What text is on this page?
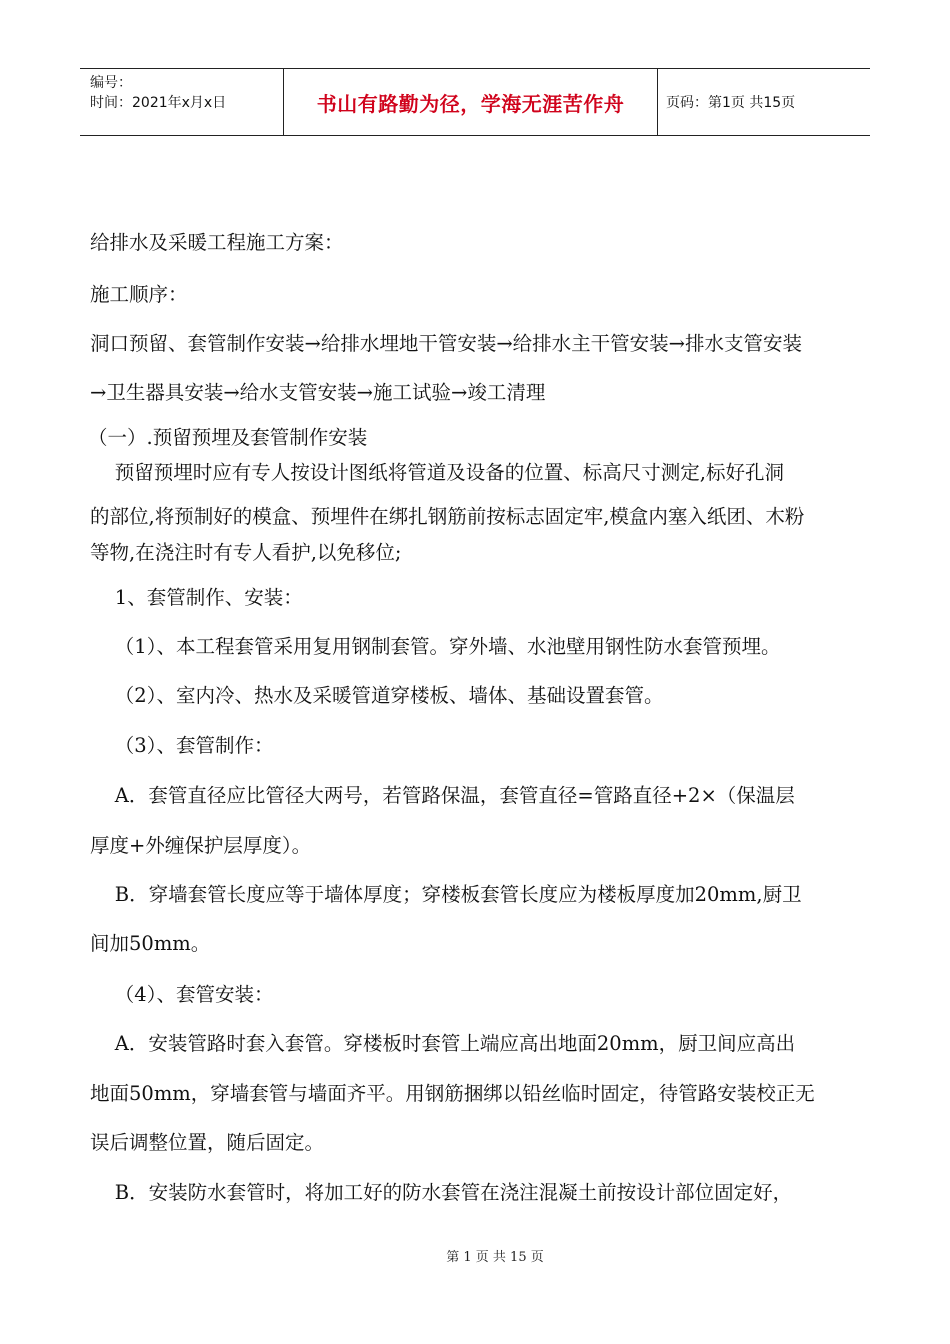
编号：
时间：2021年x月x日	书山有路勤为径，学海无涯苦作舟	页码：第1页 共15页
给排水及采暖工程施工方案：
施工顺序：
洞口预留、套管制作安装→给排水埋地干管安装→给排水主干管安装→排水支管安装
→卫生器具安装→给水支管安装→施工试验→竣工清理
（一）.预留预埋及套管制作安装
预留预埋时应有专人按设计图纸将管道及设备的位置、标高尺寸测定,标好孔洞
的部位,将预制好的模盒、预埋件在绑扎钢筋前按标志固定牢,模盒内塞入纸团、木粉
等物,在浇注时有专人看护,以免移位;
1、套管制作、安装：
（1）、本工程套管采用复用钢制套管。穿外墙、水池壁用钢性防水套管预埋。
（2）、室内冷、热水及采暖管道穿楼板、墙体、基础设置套管。
（3）、套管制作：
A．套管直径应比管径大两号，若管路保温，套管直径=管路直径+2×（保温层
厚度+外缠保护层厚度）。
B．穿墙套管长度应等于墙体厚度；穿楼板套管长度应为楼板厚度加20mm,厨卫
间加50mm。
（4）、套管安装：
A．安装管路时套入套管。穿楼板时套管上端应高出地面20mm，厨卫间应高出
地面50mm，穿墙套管与墙面齐平。用钢筋捆绑以铅丝临时固定，待管路安装校正无
误后调整位置，随后固定。
B．安装防水套管时，将加工好的防水套管在浇注混凝土前按设计部位固定好，
第 1 页 共 15 页
